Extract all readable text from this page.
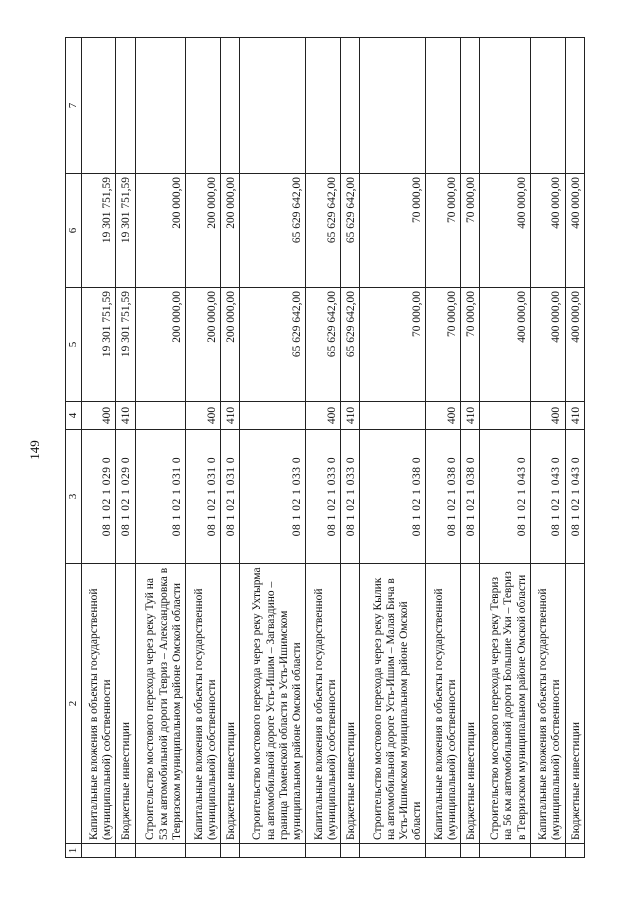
149
1	2	3	4	5	6	7
	Капитальные вложения в объекты государственной (муниципальной) собственности	08 1 02 1 029 0	400	19 301 751,59	19 301 751,59	
	Бюджетные инвестиции	08 1 02 1 029 0	410	19 301 751,59	19 301 751,59	
	Строительство мостового перехода через реку Туй на 53 км автомобильной дороги Тевриз – Александровка в Тевризском муниципальном районе Омской области	08 1 02 1 031 0		200 000,00	200 000,00	
	Капитальные вложения в объекты государственной (муниципальной) собственности	08 1 02 1 031 0	400	200 000,00	200 000,00	
	Бюджетные инвестиции	08 1 02 1 031 0	410	200 000,00	200 000,00	
	Строительство мостового перехода через реку Ухтырма на автомобильной дороге Усть-Ишим – Загваздино – граница Тюменской области в Усть-Ишимском муниципальном районе Омской области	08 1 02 1 033 0		65 629 642,00	65 629 642,00	
	Капитальные вложения в объекты государственной (муниципальной) собственности	08 1 02 1 033 0	400	65 629 642,00	65 629 642,00	
	Бюджетные инвестиции	08 1 02 1 033 0	410	65 629 642,00	65 629 642,00	
	Строительство мостового перехода через реку Кылик на автомобильной дороге Усть-Ишим – Малая Бича в Усть-Ишимском муниципальном районе Омской области	08 1 02 1 038 0		70 000,00	70 000,00	
	Капитальные вложения в объекты государственной (муниципальной) собственности	08 1 02 1 038 0	400	70 000,00	70 000,00	
	Бюджетные инвестиции	08 1 02 1 038 0	410	70 000,00	70 000,00	
	Строительство мостового перехода через реку Тевриз на 56 км автомобильной дороги Большие Уки – Тевриз в Тевризском муниципальном районе Омской области	08 1 02 1 043 0		400 000,00	400 000,00	
	Капитальные вложения в объекты государственной (муниципальной) собственности	08 1 02 1 043 0	400	400 000,00	400 000,00	
	Бюджетные инвестиции	08 1 02 1 043 0	410	400 000,00	400 000,00	
